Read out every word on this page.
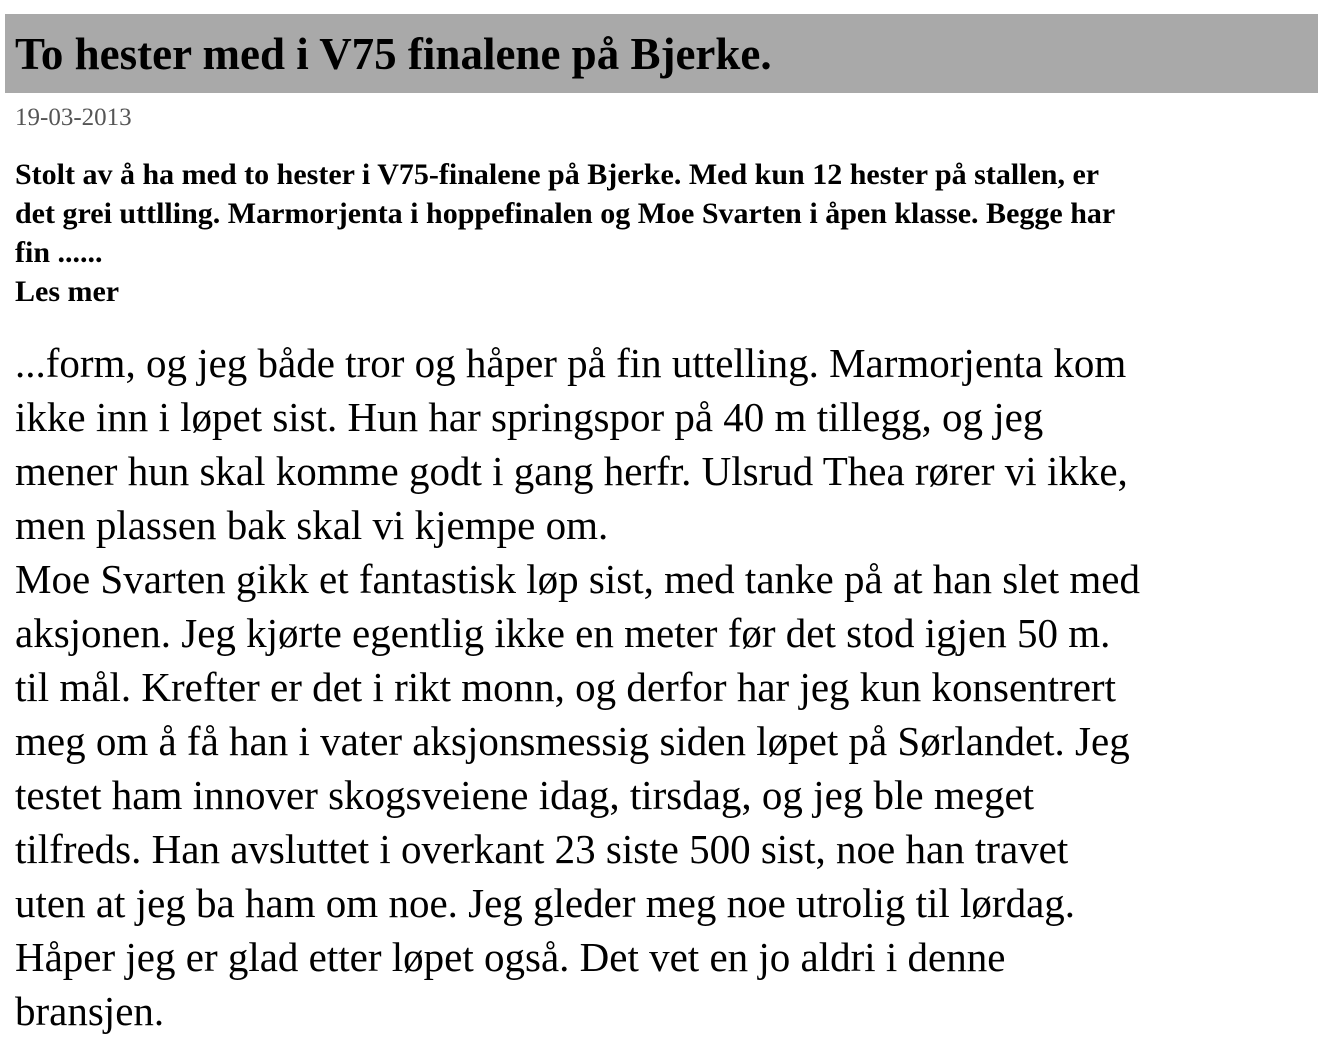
To hester med i V75 finalene på Bjerke.
19-03-2013

Stolt av å ha med to hester i V75-finalene på Bjerke. Med kun 12 hester på stallen, er
det grei uttlling. Marmorjenta i hoppefinalen og Moe Svarten i åpen klasse. Begge har
fin ......
Les mer

...form, og jeg både tror og håper på fin uttelling. Marmorjenta kom
ikke inn i løpet sist. Hun har springspor på 40 m tillegg, og jeg
mener hun skal komme godt i gang herfr. Ulsrud Thea rører vi ikke,
men plassen bak skal vi kjempe om.
Moe Svarten gikk et fantastisk løp sist, med tanke på at han slet med
aksjonen. Jeg kjørte egentlig ikke en meter før det stod igjen 50 m.
til mål. Krefter er det i rikt monn, og derfor har jeg kun konsentrert
meg om å få han i vater aksjonsmessig siden løpet på Sørlandet. Jeg
testet ham innover skogsveiene idag, tirsdag, og jeg ble meget
tilfreds. Han avsluttet i overkant 23 siste 500 sist, noe han travet
uten at jeg ba ham om noe. Jeg gleder meg noe utrolig til lørdag.
Håper jeg er glad etter løpet også. Det vet en jo aldri i denne
bransjen.
